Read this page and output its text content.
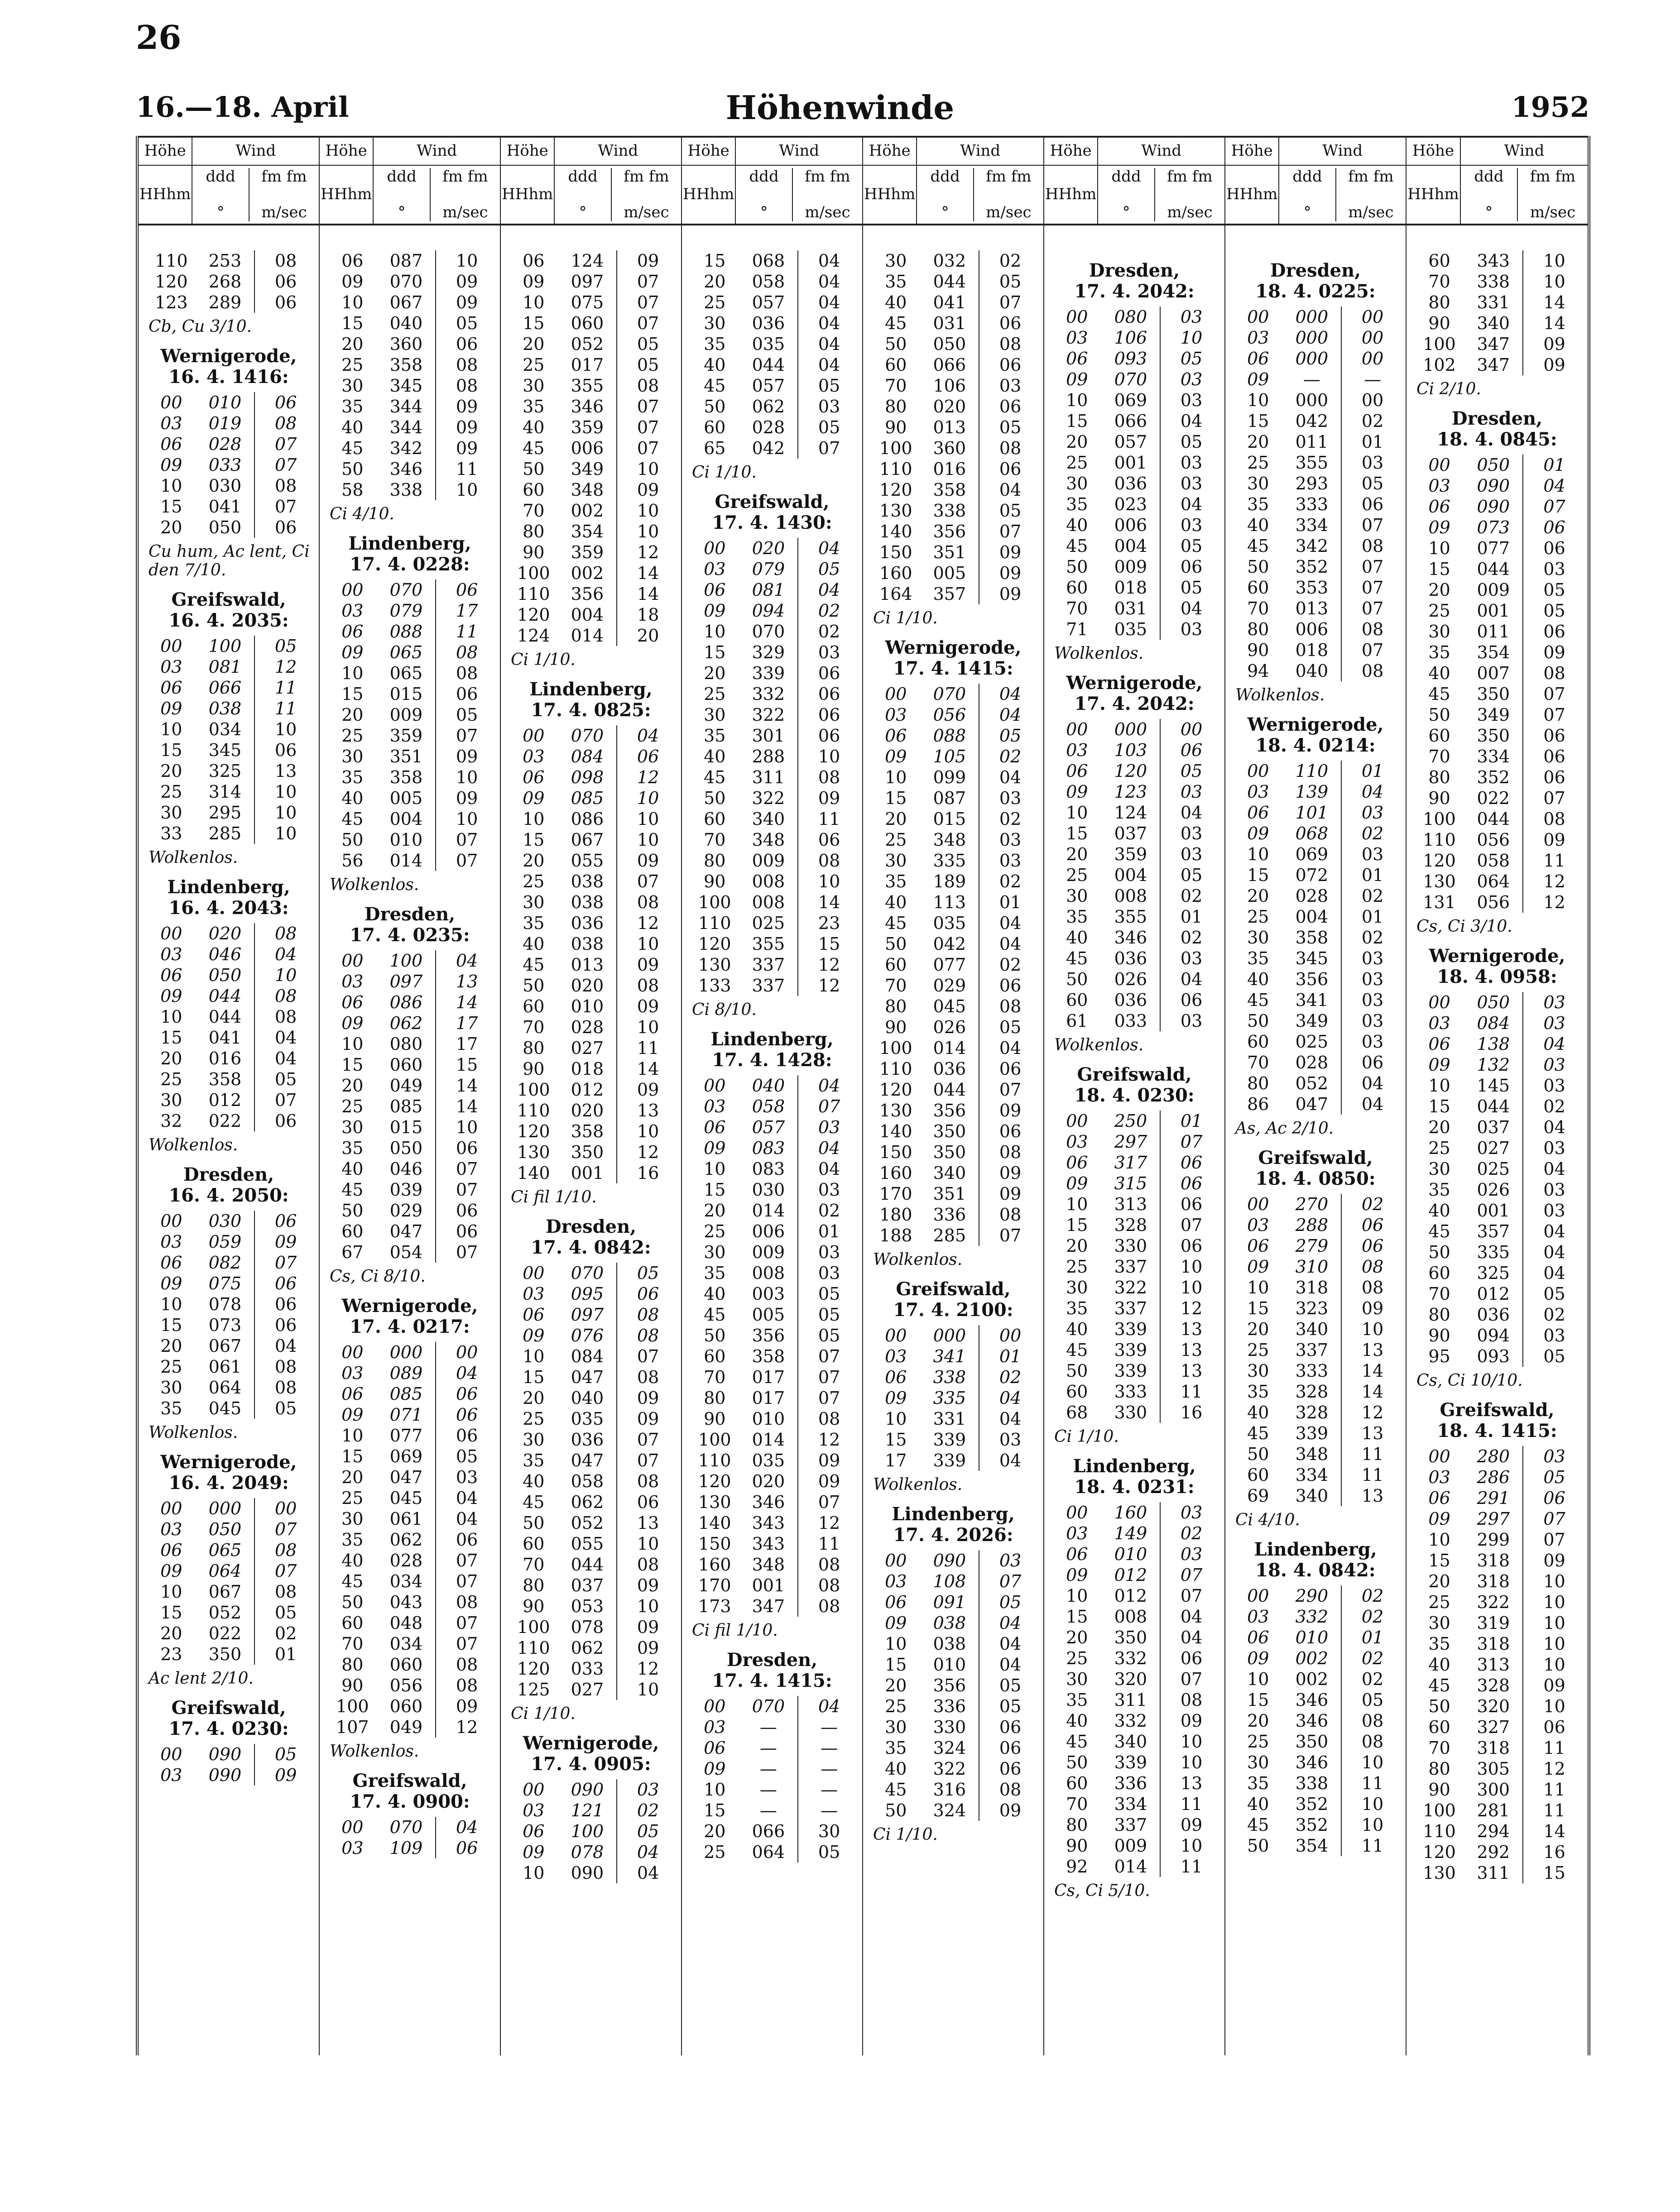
26
16.—18. April	Höhenwinde	1952
Höhe	Wind
HH hm
ddd

°
fm fm

m/sec
110	253	08
120	268	06
123	289	06
Cb, Cu 3/10.
Wernigerode,
16. 4. 1416:
00	010	06
03	019	08
06	028	07
09	033	07
10	030	08
15	041	07
20	050	06
Cu hum, Ac lent, Ci den 7/10.
Greifswald,
16. 4. 2035:
00	100	05
03	081	12
06	066	11
09	038	11
10	034	10
15	345	06
20	325	13
25	314	10
30	295	10
33	285	10
Wolkenlos.
Lindenberg,
16. 4. 2043:
00	020	08
03	046	04
06	050	10
09	044	08
10	044	08
15	041	04
20	016	04
25	358	05
30	012	07
32	022	06
Wolkenlos.
Dresden,
16. 4. 2050:
00	030	06
03	059	09
06	082	07
09	075	06
10	078	06
15	073	06
20	067	04
25	061	08
30	064	08
35	045	05
Wolkenlos.
Wernigerode,
16. 4. 2049:
00	000	00
03	050	07
06	065	08
09	064	07
10	067	08
15	052	05
20	022	02
23	350	01
Ac lent 2/10.
Greifswald,
17. 4. 0230:
00	090	05
03	090	09
Höhe	Wind
HH hm
ddd

°
fm fm

m/sec
06	087	10
09	070	09
10	067	09
15	040	05
20	360	06
25	358	08
30	345	08
35	344	09
40	344	09
45	342	09
50	346	11
58	338	10
Ci 4/10.
Lindenberg,
17. 4. 0228:
00	070	06
03	079	17
06	088	11
09	065	08
10	065	08
15	015	06
20	009	05
25	359	07
30	351	09
35	358	10
40	005	09
45	004	10
50	010	07
56	014	07
Wolkenlos.
Dresden,
17. 4. 0235:
00	100	04
03	097	13
06	086	14
09	062	17
10	080	17
15	060	15
20	049	14
25	085	14
30	015	10
35	050	06
40	046	07
45	039	07
50	029	06
60	047	06
67	054	07
Cs, Ci 8/10.
Wernigerode,
17. 4. 0217:
00	000	00
03	089	04
06	085	06
09	071	06
10	077	06
15	069	05
20	047	03
25	045	04
30	061	04
35	062	06
40	028	07
45	034	07
50	043	08
60	048	07
70	034	07
80	060	08
90	056	08
100	060	09
107	049	12
Wolkenlos.
Greifswald,
17. 4. 0900:
00	070	04
03	109	06
Höhe	Wind
HH hm
ddd

°
fm fm

m/sec
06	124	09
09	097	07
10	075	07
15	060	07
20	052	05
25	017	05
30	355	08
35	346	07
40	359	07
45	006	07
50	349	10
60	348	09
70	002	10
80	354	10
90	359	12
100	002	14
110	356	14
120	004	18
124	014	20
Ci 1/10.
Lindenberg,
17. 4. 0825:
00	070	04
03	084	06
06	098	12
09	085	10
10	086	10
15	067	10
20	055	09
25	038	07
30	038	08
35	036	12
40	038	10
45	013	09
50	020	08
60	010	09
70	028	10
80	027	11
90	018	14
100	012	09
110	020	13
120	358	10
130	350	12
140	001	16
Ci fil 1/10.
Dresden,
17. 4. 0842:
00	070	05
03	095	06
06	097	08
09	076	08
10	084	07
15	047	08
20	040	09
25	035	09
30	036	07
35	047	07
40	058	08
45	062	06
50	052	13
60	055	10
70	044	08
80	037	09
90	053	10
100	078	09
110	062	09
120	033	12
125	027	10
Ci 1/10.
Wernigerode,
17. 4. 0905:
00	090	03
03	121	02
06	100	05
09	078	04
10	090	04
Höhe	Wind
HH hm
ddd

°
fm fm

m/sec
15	068	04
20	058	04
25	057	04
30	036	04
35	035	04
40	044	04
45	057	05
50	062	03
60	028	05
65	042	07
Ci 1/10.
Greifswald,
17. 4. 1430:
00	020	04
03	079	05
06	081	04
09	094	02
10	070	02
15	329	03
20	339	06
25	332	06
30	322	06
35	301	06
40	288	10
45	311	08
50	322	09
60	340	11
70	348	06
80	009	08
90	008	10
100	008	14
110	025	23
120	355	15
130	337	12
133	337	12
Ci 8/10.
Lindenberg,
17. 4. 1428:
00	040	04
03	058	07
06	057	03
09	083	04
10	083	04
15	030	03
20	014	02
25	006	01
30	009	03
35	008	03
40	003	05
45	005	05
50	356	05
60	358	07
70	017	07
80	017	07
90	010	08
100	014	12
110	035	09
120	020	09
130	346	07
140	343	12
150	343	11
160	348	08
170	001	08
173	347	08
Ci fil 1/10.
Dresden,
17. 4. 1415:
00	070	04
03	—	—
06	—	—
09	—	—
10	—	—
15	—	—
20	066	30
25	064	05
Höhe	Wind
HH hm
ddd

°
fm fm

m/sec
30	032	02
35	044	05
40	041	07
45	031	06
50	050	08
60	066	06
70	106	03
80	020	06
90	013	05
100	360	08
110	016	06
120	358	04
130	338	05
140	356	07
150	351	09
160	005	09
164	357	09
Ci 1/10.
Wernigerode,
17. 4. 1415:
00	070	04
03	056	04
06	088	05
09	105	02
10	099	04
15	087	03
20	015	02
25	348	03
30	335	03
35	189	02
40	113	01
45	035	04
50	042	04
60	077	02
70	029	06
80	045	08
90	026	05
100	014	04
110	036	06
120	044	07
130	356	09
140	350	06
150	350	08
160	340	09
170	351	09
180	336	08
188	285	07
Wolkenlos.
Greifswald,
17. 4. 2100:
00	000	00
03	341	01
06	338	02
09	335	04
10	331	04
15	339	03
17	339	04
Wolkenlos.
Lindenberg,
17. 4. 2026:
00	090	03
03	108	07
06	091	05
09	038	04
10	038	04
15	010	04
20	356	05
25	336	05
30	330	06
35	324	06
40	322	06
45	316	08
50	324	09
Ci 1/10.
Höhe	Wind
HH hm
ddd

°
fm fm

m/sec
Dresden,
17. 4. 2042:
00	080	03
03	106	10
06	093	05
09	070	03
10	069	03
15	066	04
20	057	05
25	001	03
30	036	03
35	023	04
40	006	03
45	004	05
50	009	06
60	018	05
70	031	04
71	035	03
Wolkenlos.
Wernigerode,
17. 4. 2042:
00	000	00
03	103	06
06	120	05
09	123	03
10	124	04
15	037	03
20	359	03
25	004	05
30	008	02
35	355	01
40	346	02
45	036	03
50	026	04
60	036	06
61	033	03
Wolkenlos.
Greifswald,
18. 4. 0230:
00	250	01
03	297	07
06	317	06
09	315	06
10	313	06
15	328	07
20	330	06
25	337	10
30	322	10
35	337	12
40	339	13
45	339	13
50	339	13
60	333	11
68	330	16
Ci 1/10.
Lindenberg,
18. 4. 0231:
00	160	03
03	149	02
06	010	03
09	012	07
10	012	07
15	008	04
20	350	04
25	332	06
30	320	07
35	311	08
40	332	09
45	340	10
50	339	10
60	336	13
70	334	11
80	337	09
90	009	10
92	014	11
Cs, Ci 5/10.
Höhe	Wind
HH hm
ddd

°
fm fm

m/sec
Dresden,
18. 4. 0225:
00	000	00
03	000	00
06	000	00
09	—	—
10	000	00
15	042	02
20	011	01
25	355	03
30	293	05
35	333	06
40	334	07
45	342	08
50	352	07
60	353	07
70	013	07
80	006	08
90	018	07
94	040	08
Wolkenlos.
Wernigerode,
18. 4. 0214:
00	110	01
03	139	04
06	101	03
09	068	02
10	069	03
15	072	01
20	028	02
25	004	01
30	358	02
35	345	03
40	356	03
45	341	03
50	349	03
60	025	03
70	028	06
80	052	04
86	047	04
As, Ac 2/10.
Greifswald,
18. 4. 0850:
00	270	02
03	288	06
06	279	06
09	310	08
10	318	08
15	323	09
20	340	10
25	337	13
30	333	14
35	328	14
40	328	12
45	339	13
50	348	11
60	334	11
69	340	13
Ci 4/10.
Lindenberg,
18. 4. 0842:
00	290	02
03	332	02
06	010	01
09	002	02
10	002	02
15	346	05
20	346	08
25	350	08
30	346	10
35	338	11
40	352	10
45	352	10
50	354	11
Höhe	Wind
HH hm
ddd

°
fm fm

m/sec
60	343	10
70	338	10
80	331	14
90	340	14
100	347	09
102	347	09
Ci 2/10.
Dresden,
18. 4. 0845:
00	050	01
03	090	04
06	090	07
09	073	06
10	077	06
15	044	03
20	009	05
25	001	05
30	011	06
35	354	09
40	007	08
45	350	07
50	349	07
60	350	06
70	334	06
80	352	06
90	022	07
100	044	08
110	056	09
120	058	11
130	064	12
131	056	12
Cs, Ci 3/10.
Wernigerode,
18. 4. 0958:
00	050	03
03	084	03
06	138	04
09	132	03
10	145	03
15	044	02
20	037	04
25	027	03
30	025	04
35	026	03
40	001	03
45	357	04
50	335	04
60	325	04
70	012	05
80	036	02
90	094	03
95	093	05
Cs, Ci 10/10.
Greifswald,
18. 4. 1415:
00	280	03
03	286	05
06	291	06
09	297	07
10	299	07
15	318	09
20	318	10
25	322	10
30	319	10
35	318	10
40	313	10
45	328	09
50	320	10
60	327	06
70	318	11
80	305	12
90	300	11
100	281	11
110	294	14
120	292	16
130	311	15
